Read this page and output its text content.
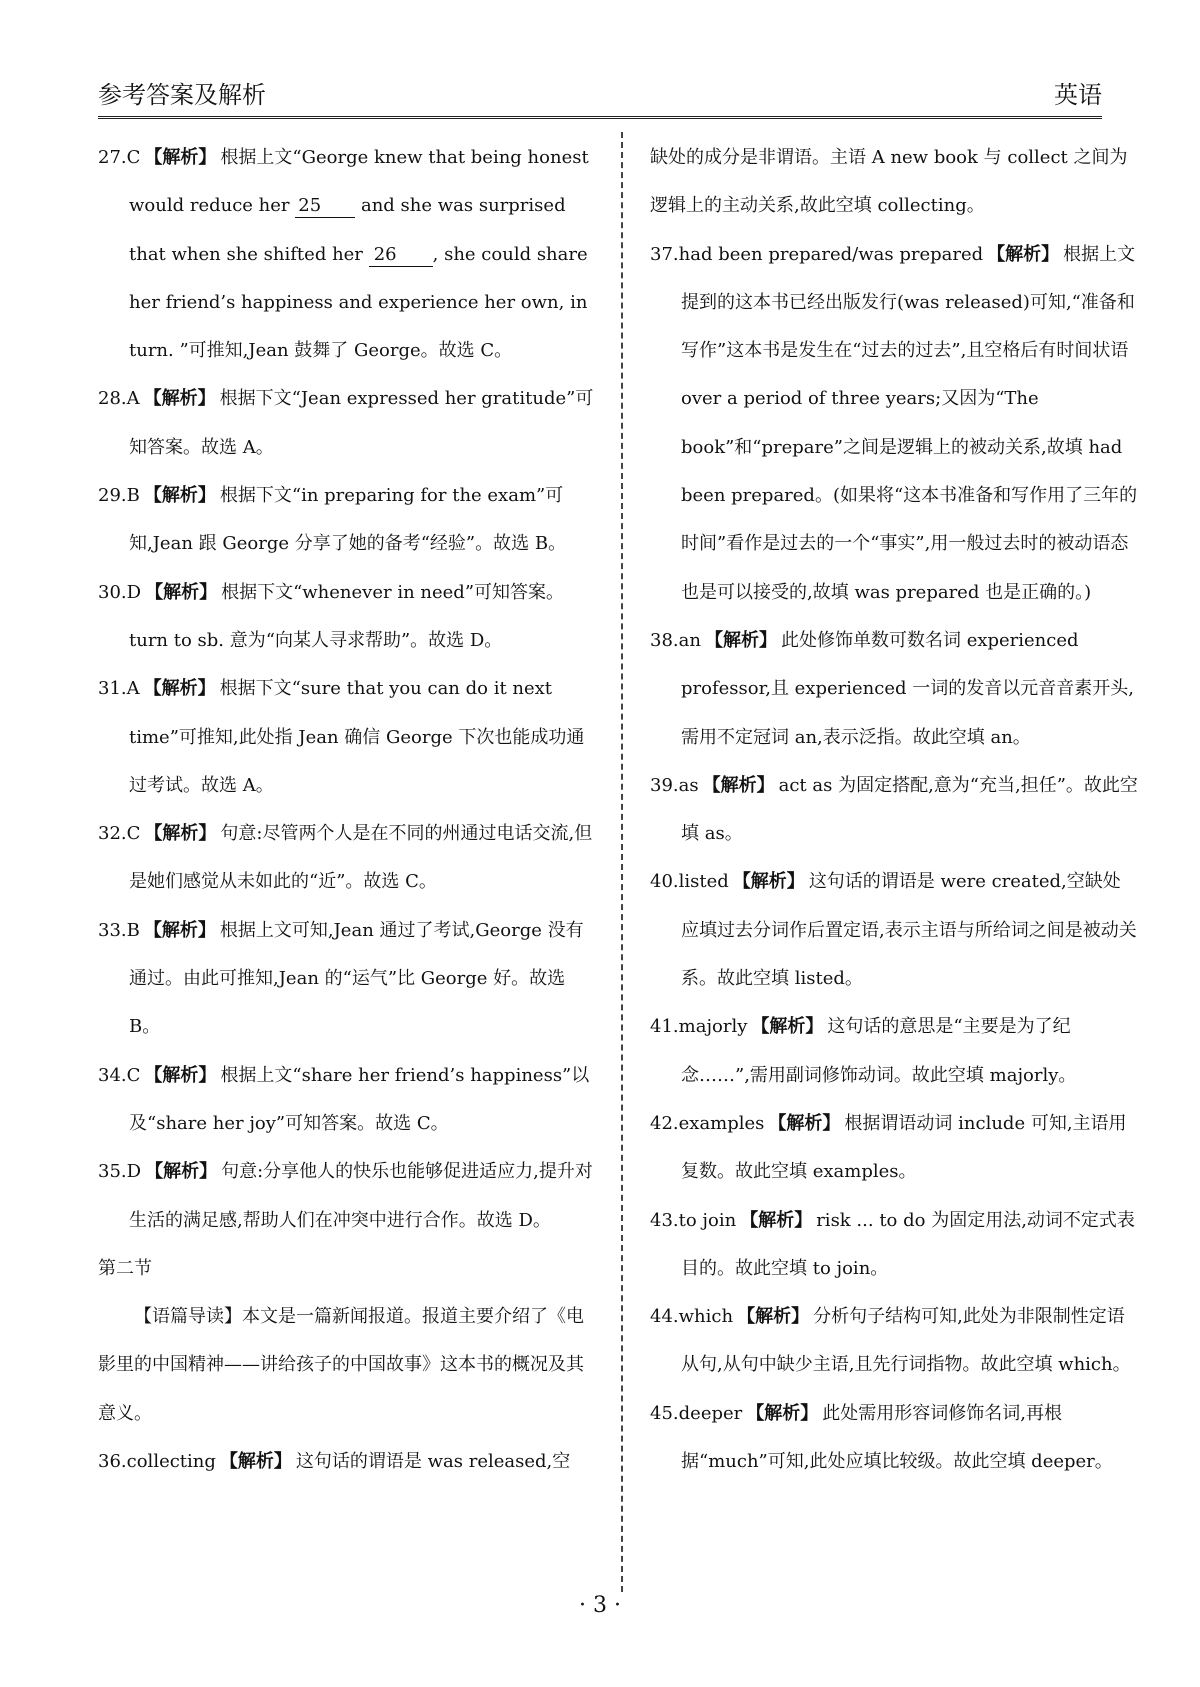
参考答案及解析	英语

27.C 【解析】 根据上文“George knew that being honest would reduce her 25 and she was surprised that when she shifted her 26 , she could share her friend’s happiness and experience her own, in turn. ”可推知,Jean 鼓舞了 George。故选 C。

28.A 【解析】 根据下文“Jean expressed her gratitude”可知答案。故选 A。

29.B 【解析】 根据下文“in preparing for the exam”可知,Jean 跟 George 分享了她的备考“经验”。故选 B。

30.D 【解析】 根据下文“whenever in need”可知答案。turn to sb. 意为“向某人寻求帮助”。故选 D。

31.A 【解析】 根据下文“sure that you can do it next time”可推知,此处指 Jean 确信 George 下次也能成功通过考试。故选 A。

32.C 【解析】 句意:尽管两个人是在不同的州通过电话交流,但是她们感觉从未如此的“近”。故选 C。

33.B 【解析】 根据上文可知,Jean 通过了考试,George 没有通过。由此可推知,Jean 的“运气”比 George 好。故选 B。

34.C 【解析】 根据上文“share her friend’s happiness”以及“share her joy”可知答案。故选 C。

35.D 【解析】 句意:分享他人的快乐也能够促进适应力,提升对生活的满足感,帮助人们在冲突中进行合作。故选 D。

第二节

【语篇导读】本文是一篇新闻报道。报道主要介绍了《电影里的中国精神——讲给孩子的中国故事》这本书的概况及其意义。

36.collecting 【解析】 这句话的谓语是 was released,空

缺处的成分是非谓语。主语 A new book 与 collect 之间为逻辑上的主动关系,故此空填 collecting。

37.had been prepared/was prepared 【解析】 根据上文提到的这本书已经出版发行(was released)可知,“准备和写作”这本书是发生在“过去的过去”,且空格后有时间状语 over a period of three years;又因为“The book”和“prepare”之间是逻辑上的被动关系,故填 had been prepared。(如果将“这本书准备和写作用了三年的时间”看作是过去的一个“事实”,用一般过去时的被动语态也是可以接受的,故填 was prepared 也是正确的。)

38.an 【解析】 此处修饰单数可数名词 experienced professor,且 experienced 一词的发音以元音音素开头,需用不定冠词 an,表示泛指。故此空填 an。

39.as 【解析】 act as 为固定搭配,意为“充当,担任”。故此空填 as。

40.listed 【解析】 这句话的谓语是 were created,空缺处应填过去分词作后置定语,表示主语与所给词之间是被动关系。故此空填 listed。

41.majorly 【解析】 这句话的意思是“主要是为了纪念……”,需用副词修饰动词。故此空填 majorly。

42.examples 【解析】 根据谓语动词 include 可知,主语用复数。故此空填 examples。

43.to join 【解析】 risk ... to do 为固定用法,动词不定式表目的。故此空填 to join。

44.which 【解析】 分析句子结构可知,此处为非限制性定语从句,从句中缺少主语,且先行词指物。故此空填 which。

45.deeper 【解析】 此处需用形容词修饰名词,再根据“much”可知,此处应填比较级。故此空填 deeper。

· 3 ·
